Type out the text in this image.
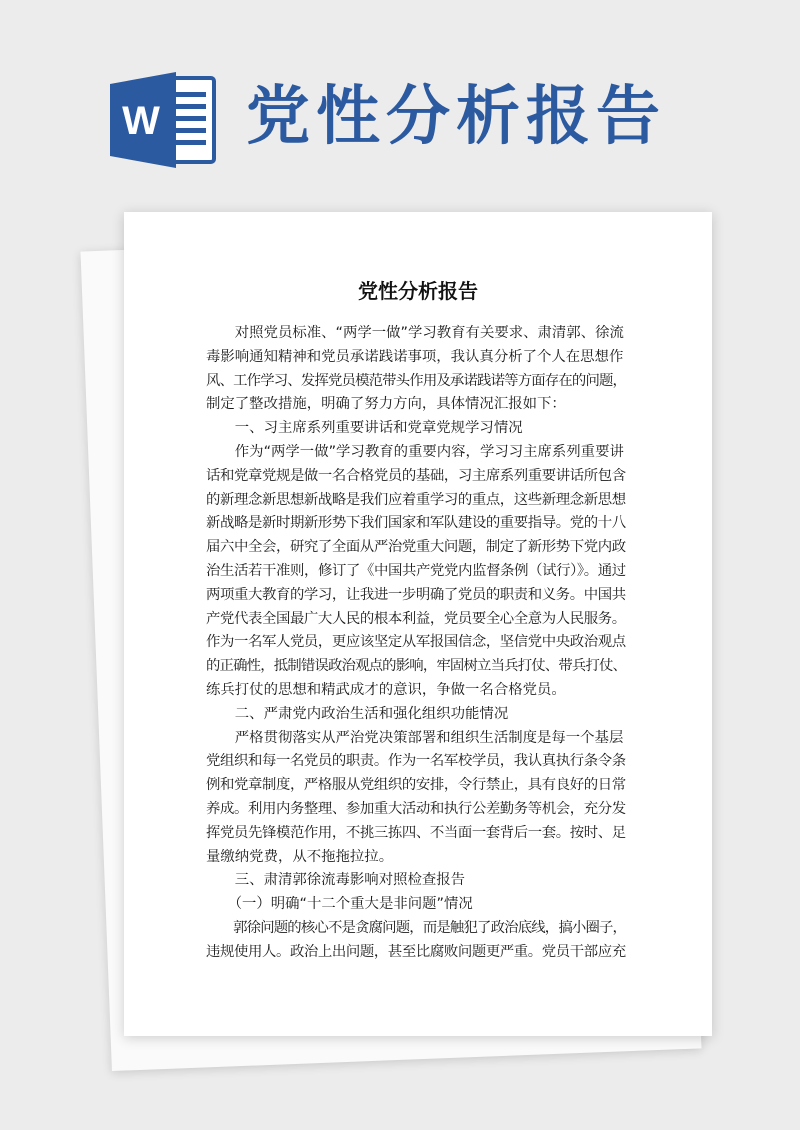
W 党性分析报告
党性分析报告
　　对照党员标准、“两学一做”学习教育有关要求、肃清郭、徐流
毒影响通知精神和党员承诺践诺事项，我认真分析了个人在思想作
风、工作学习、发挥党员模范带头作用及承诺践诺等方面存在的问题，
制定了整改措施，明确了努力方向，具体情况汇报如下：
　　一、习主席系列重要讲话和党章党规学习情况
　　作为“两学一做”学习教育的重要内容，学习习主席系列重要讲
话和党章党规是做一名合格党员的基础，习主席系列重要讲话所包含
的新理念新思想新战略是我们应着重学习的重点，这些新理念新思想
新战略是新时期新形势下我们国家和军队建设的重要指导。党的十八
届六中全会，研究了全面从严治党重大问题，制定了新形势下党内政
治生活若干准则，修订了《中国共产党党内监督条例（试行）》。通过
两项重大教育的学习，让我进一步明确了党员的职责和义务。中国共
产党代表全国最广大人民的根本利益，党员要全心全意为人民服务。
作为一名军人党员，更应该坚定从军报国信念，坚信党中央政治观点
的正确性，抵制错误政治观点的影响，牢固树立当兵打仗、带兵打仗、
练兵打仗的思想和精武成才的意识，争做一名合格党员。
　　二、严肃党内政治生活和强化组织功能情况
　　严格贯彻落实从严治党决策部署和组织生活制度是每一个基层
党组织和每一名党员的职责。作为一名军校学员，我认真执行条令条
例和党章制度，严格服从党组织的安排，令行禁止，具有良好的日常
养成。利用内务整理、参加重大活动和执行公差勤务等机会，充分发
挥党员先锋模范作用，不挑三拣四、不当面一套背后一套。按时、足
量缴纳党费，从不拖拖拉拉。
　　三、肃清郭徐流毒影响对照检查报告
　　（一）明确“十二个重大是非问题”情况
　　郭徐问题的核心不是贪腐问题，而是触犯了政治底线，搞小圈子，
违规使用人。政治上出问题，甚至比腐败问题更严重。党员干部应充
